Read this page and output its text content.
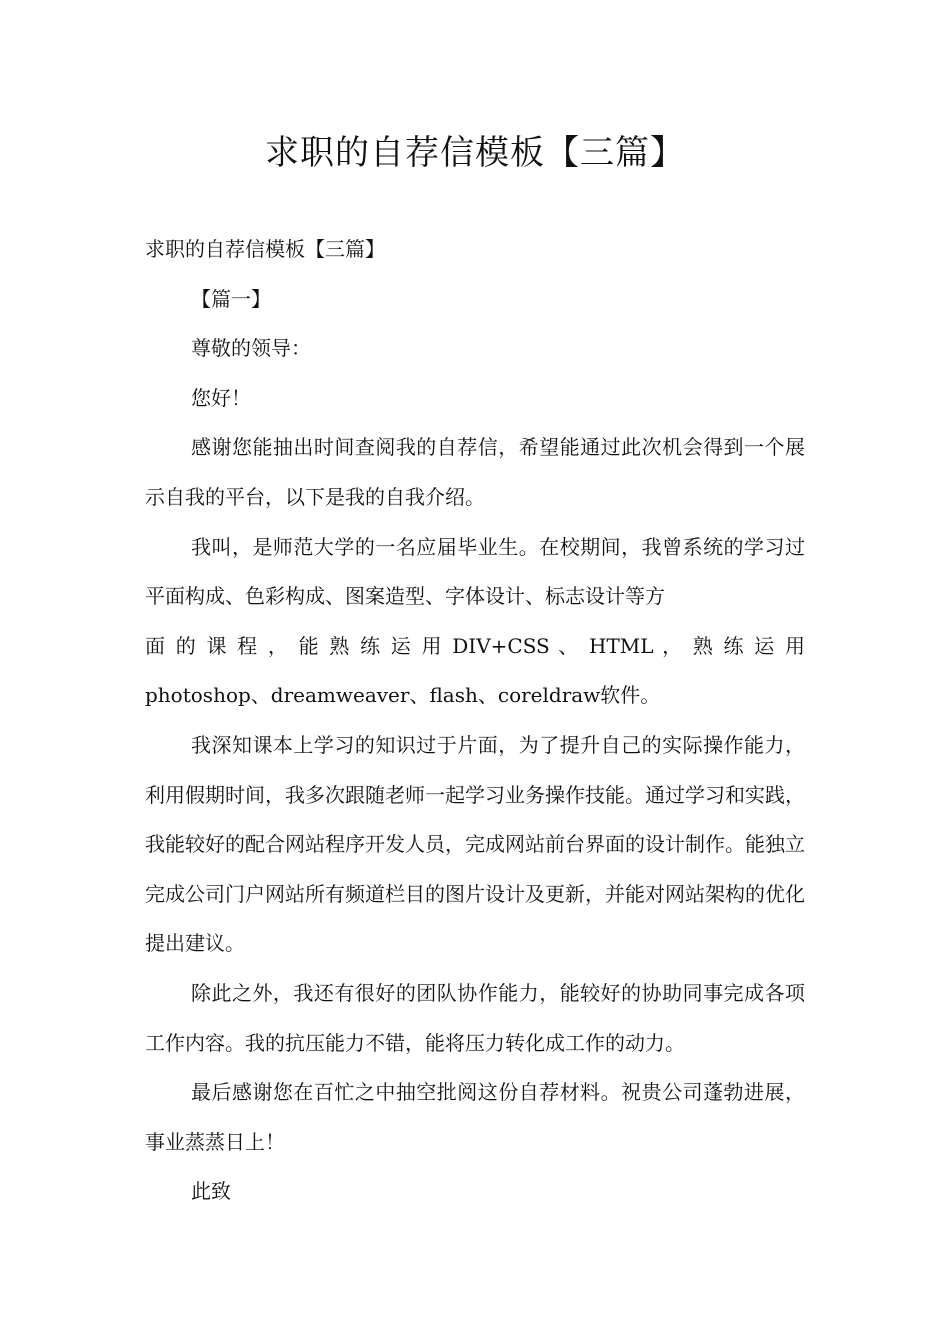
求职的自荐信模板【三篇】

求职的自荐信模板【三篇】

【篇一】

尊敬的领导：

您好！

感谢您能抽出时间查阅我的自荐信，希望能通过此次机会得到一个展示自我的平台，以下是我的自我介绍。

我叫，是师范大学的一名应届毕业生。在校期间，我曾系统的学习过平面构成、色彩构成、图案造型、字体设计、标志设计等方

面 的 课 程 ， 能 熟 练 运 用 DIV+CSS 、 HTML ， 熟 练 运 用

photoshop、dreamweaver、flash、coreldraw软件。

我深知课本上学习的知识过于片面，为了提升自己的实际操作能力，利用假期时间，我多次跟随老师一起学习业务操作技能。通过学习和实践，我能较好的配合网站程序开发人员，完成网站前台界面的设计制作。能独立完成公司门户网站所有频道栏目的图片设计及更新，并能对网站架构的优化提出建议。

除此之外，我还有很好的团队协作能力，能较好的协助同事完成各项工作内容。我的抗压能力不错，能将压力转化成工作的动力。

最后感谢您在百忙之中抽空批阅这份自荐材料。祝贵公司蓬勃进展，事业蒸蒸日上！

此致
